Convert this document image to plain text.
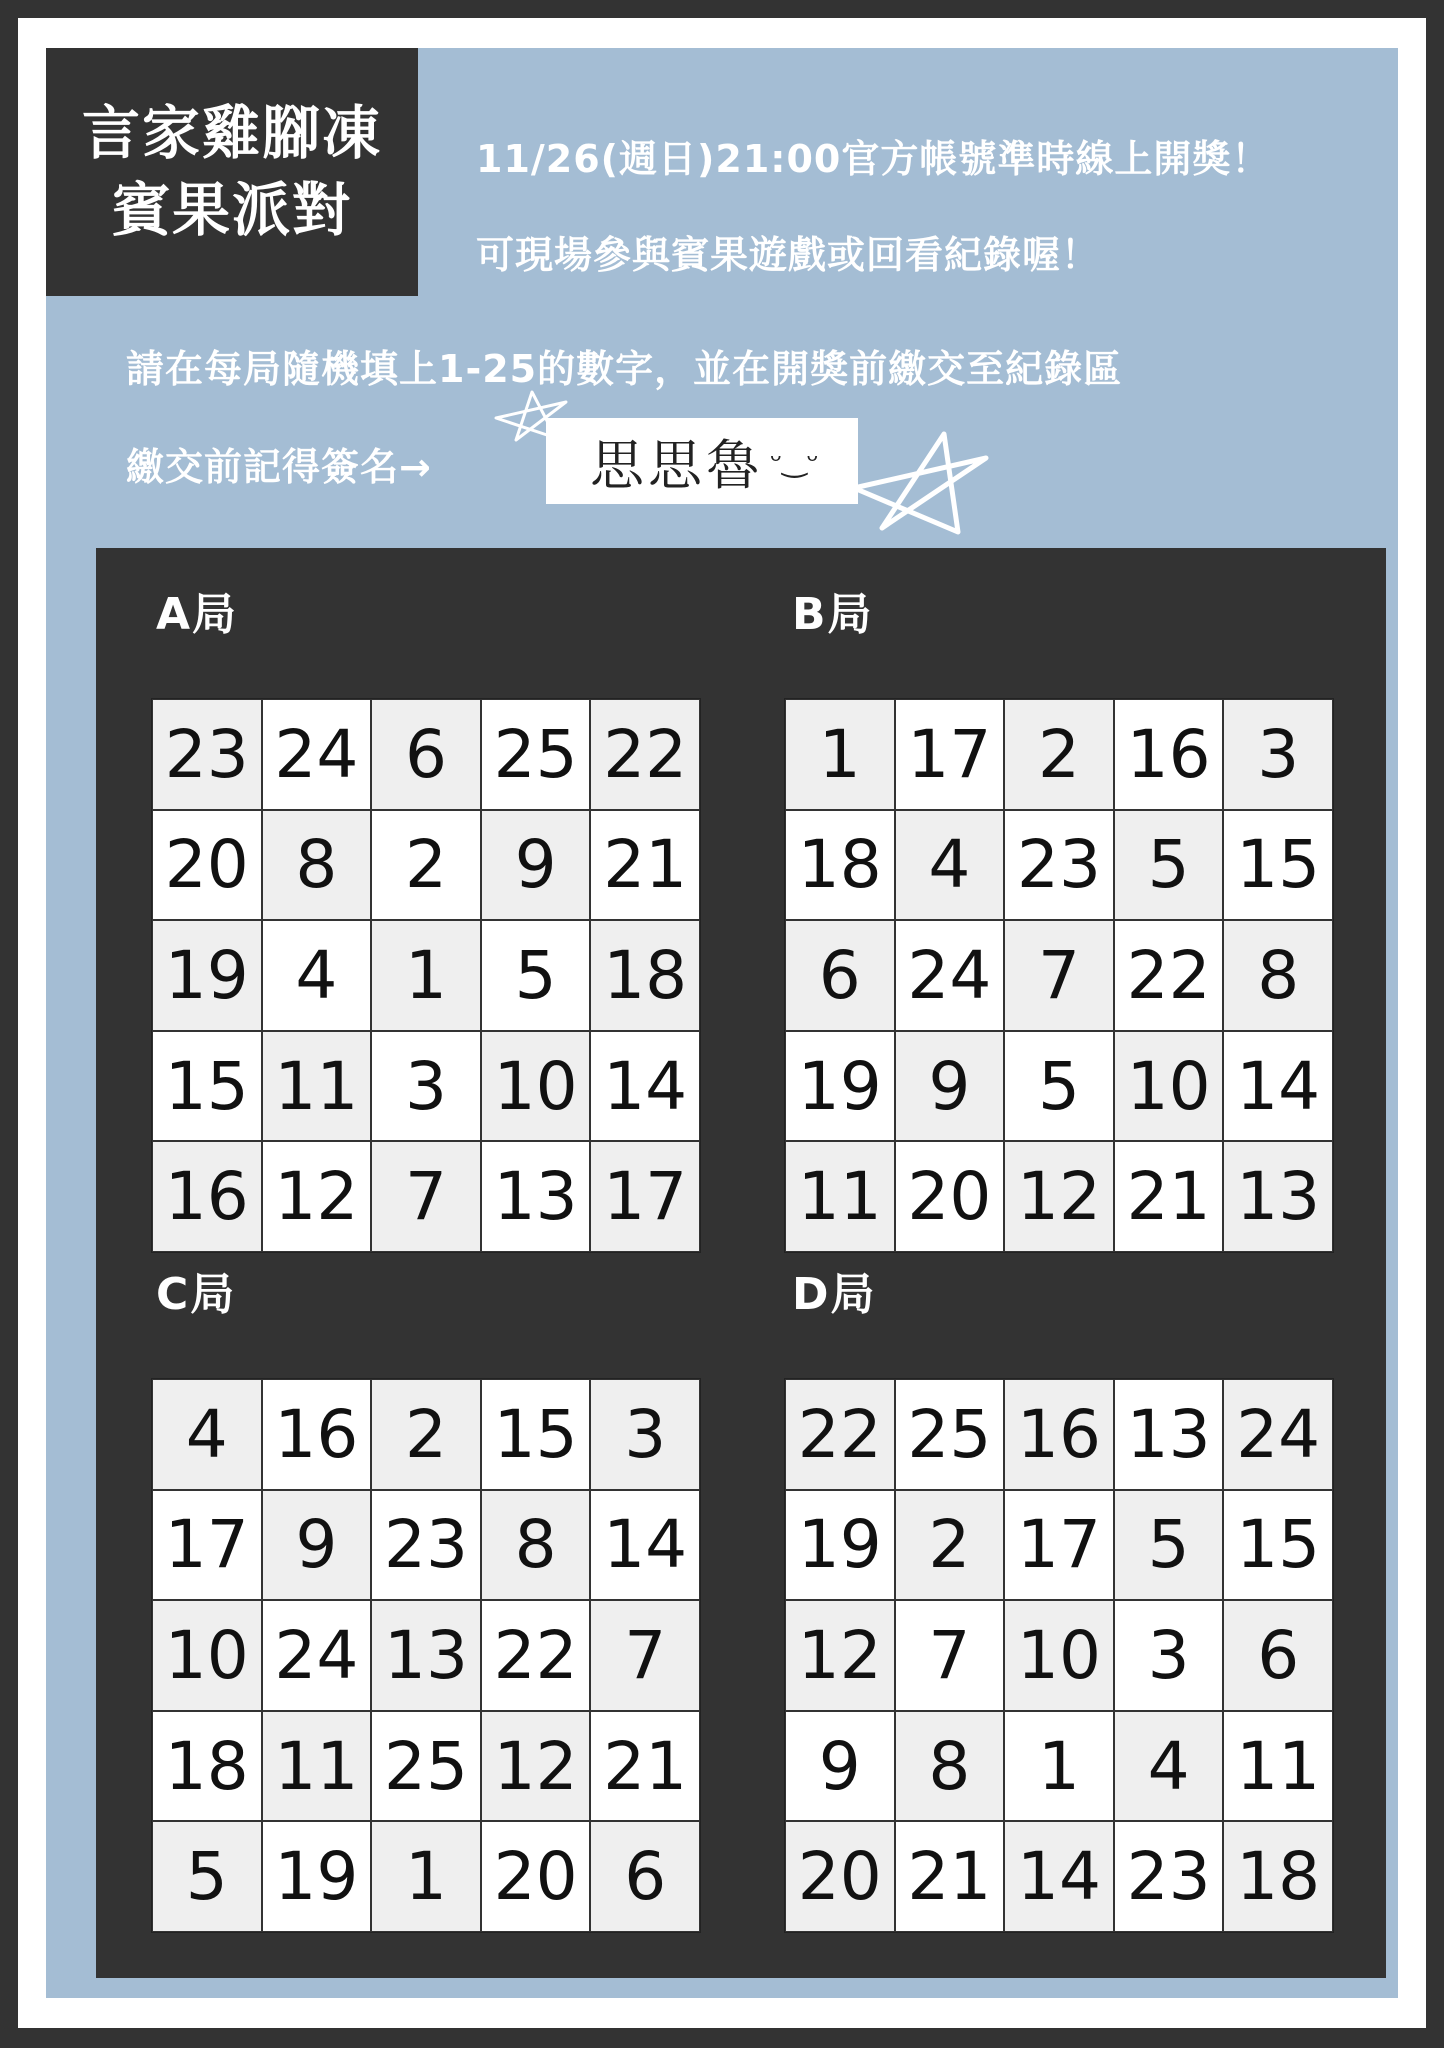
言家雞腳凍
賓果派對
11/26(週日)21:00官方帳號準時線上開獎！
可現場參與賓果遊戲或回看紀錄喔！
請在每局隨機填上1-25的數字，並在開獎前繳交至紀錄區
繳交前記得簽名→	思思魯 ᵕ‿ᵕ
A局	B局
C局	D局
23 24 6 25 22
20 8	2	9 21
19 4	1	5 18
15 11 3 10 14
16 12 7 13 17
1 17 2 16 3
18 4 23 5 15
6 24 7 22 8
19 9	5 10 14
11 20 12 21 13
4 16 2 15 3
17 9 23 8 14
10 24 13 22 7
18 11 25 12 21
5 19 1 20 6
22 25 16 13 24
19 2 17 5 15
12 7 10 3	6
9	8	1	4 11
20 21 14 23 18
